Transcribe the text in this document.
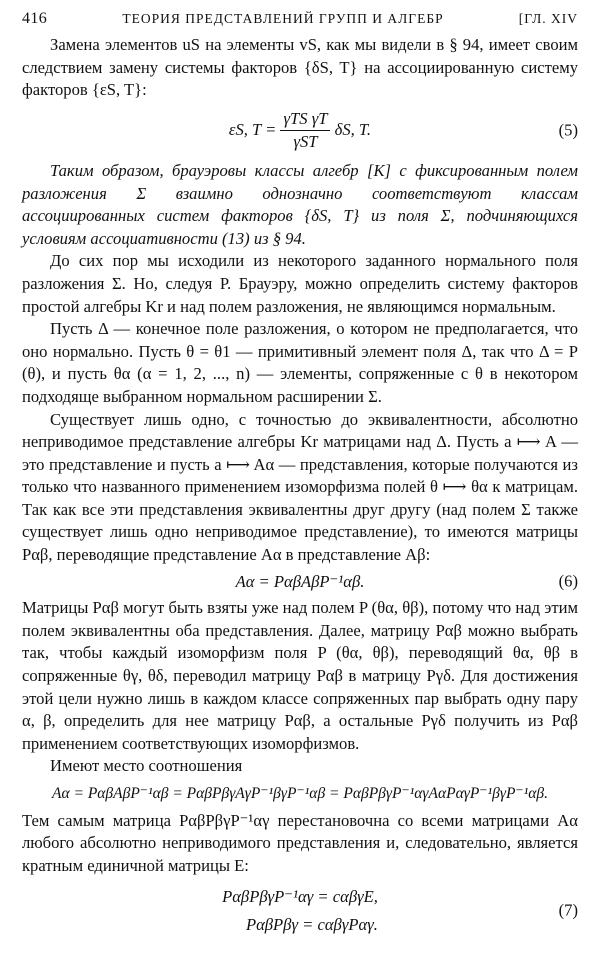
416	ТЕОРИЯ ПРЕДСТАВЛЕНИЙ ГРУПП И АЛГЕБР	[ГЛ. XIV

Замена элементов uS на элементы vS, как мы видели в § 94, имеет своим следствием замену системы факторов {δS, T} на ассоциированную систему факторов {εS, T}:

εS, $T = \frac{\text{γTS γT}}{\text{γST}} \delta S$, T.	(5)

Таким образом, брауэровы классы алгебр [K] с фиксированным полем разложения Σ взаимно однозначно соответствуют классам ассоциированных систем факторов {δS, T} из поля Σ, подчиняющихся условиям ассоциативности (13) из § 94.

До сих пор мы исходили из некоторого заданного нормального поля разложения Σ. Но, следуя Р. Брауэру, можно определить систему факторов простой алгебры Kr и над полем разложения, не являющимся нормальным.

Пусть Δ — конечное поле разложения, о котором не предполагается, что оно нормально. Пусть θ = θ1 — примитивный элемент поля Δ, так что Δ = P (θ), и пусть θα (α = 1, 2, ..., n) — элементы, сопряженные с θ в некотором подходяще выбранном нормальном расширении Σ.

Существует лишь одно, с точностью до эквивалентности, абсолютно неприводимое представление алгебры Kr матрицами над Δ. Пусть a ⟼ A — это представление и пусть a ⟼ Aα — представления, которые получаются из только что названного применением изоморфизма полей θ ⟼ θα к матрицам. Так как все эти представления эквивалентны друг другу (над полем Σ также существует лишь одно неприводимое представление), то имеются матрицы Pαβ, переводящие представление Aα в представление Aβ:

Aα = PαβAβP⁻¹αβ.	(6)

Матрицы Pαβ могут быть взяты уже над полем P (θα, θβ), потому что над этим полем эквивалентны оба представления. Далее, матрицу Pαβ можно выбрать так, чтобы каждый изоморфизм поля P (θα, θβ), переводящий θα, θβ в сопряженные θγ, θδ, переводил матрицу Pαβ в матрицу Pγδ. Для достижения этой цели нужно лишь в каждом классе сопряженных пар выбрать одну пару α, β, определить для нее матрицу Pαβ, а остальные Pγδ получить из Pαβ применением соответствующих изоморфизмов.

Имеют место соотношения

Aα = PαβAβP⁻¹αβ = PαβPβγAγP⁻¹βγP⁻¹αβ = PαβPβγP⁻¹αγAαPαγP⁻¹βγP⁻¹αβ.

Тем самым матрица PαβPβγP⁻¹αγ перестановочна со всеми матрицами Aα любого абсолютно неприводимого представления и, следовательно, является кратным единичной матрицы E:

PαβPβγP⁻¹αγ = cαβγE,
PαβPβγ = cαβγPαγ.
(7)
